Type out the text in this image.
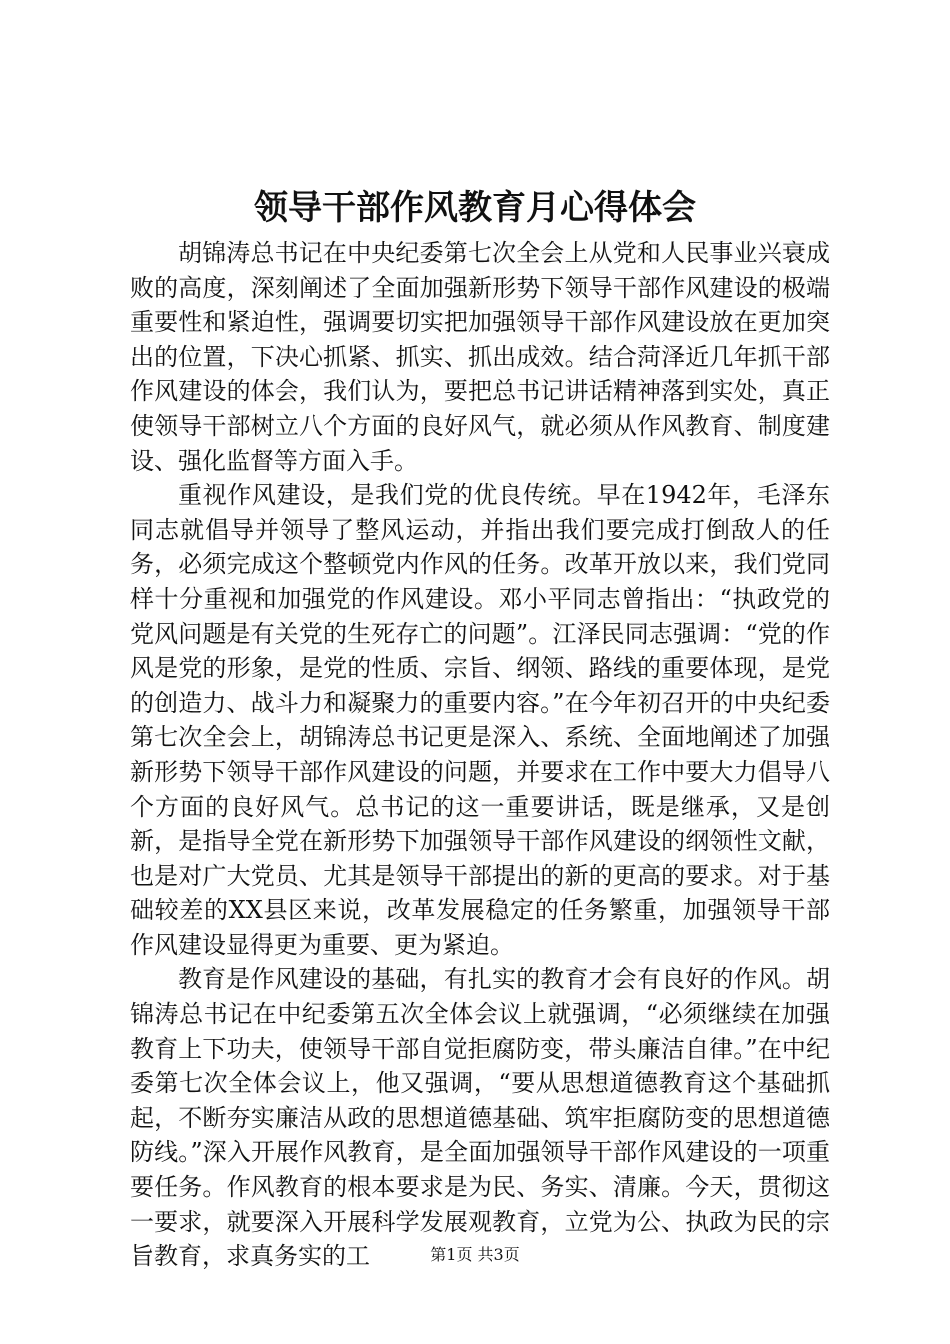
领导干部作风教育月心得体会

胡锦涛总书记在中央纪委第七次全会上从党和人民事业兴衰成败的高度，深刻阐述了全面加强新形势下领导干部作风建设的极端重要性和紧迫性，强调要切实把加强领导干部作风建设放在更加突出的位置，下决心抓紧、抓实、抓出成效。结合菏泽近几年抓干部作风建设的体会，我们认为，要把总书记讲话精神落到实处，真正使领导干部树立八个方面的良好风气，就必须从作风教育、制度建设、强化监督等方面入手。

重视作风建设，是我们党的优良传统。早在1942年，毛泽东同志就倡导并领导了整风运动，并指出我们要完成打倒敌人的任务，必须完成这个整顿党内作风的任务。改革开放以来，我们党同样十分重视和加强党的作风建设。邓小平同志曾指出：“执政党的党风问题是有关党的生死存亡的问题”。江泽民同志强调：“党的作风是党的形象，是党的性质、宗旨、纲领、路线的重要体现，是党的创造力、战斗力和凝聚力的重要内容。”在今年初召开的中央纪委第七次全会上，胡锦涛总书记更是深入、系统、全面地阐述了加强新形势下领导干部作风建设的问题，并要求在工作中要大力倡导八个方面的良好风气。总书记的这一重要讲话，既是继承，又是创新，是指导全党在新形势下加强领导干部作风建设的纲领性文献，也是对广大党员、尤其是领导干部提出的新的更高的要求。对于基础较差的XX县区来说，改革发展稳定的任务繁重，加强领导干部作风建设显得更为重要、更为紧迫。

教育是作风建设的基础，有扎实的教育才会有良好的作风。胡锦涛总书记在中纪委第五次全体会议上就强调，“必须继续在加强教育上下功夫，使领导干部自觉拒腐防变，带头廉洁自律。”在中纪委第七次全体会议上，他又强调，“要从思想道德教育这个基础抓起，不断夯实廉洁从政的思想道德基础、筑牢拒腐防变的思想道德防线。”深入开展作风教育，是全面加强领导干部作风建设的一项重要任务。作风教育的根本要求是为民、务实、清廉。今天，贯彻这一要求，就要深入开展科学发展观教育，立党为公、执政为民的宗旨教育，求真务实的工	第1页 共3页
